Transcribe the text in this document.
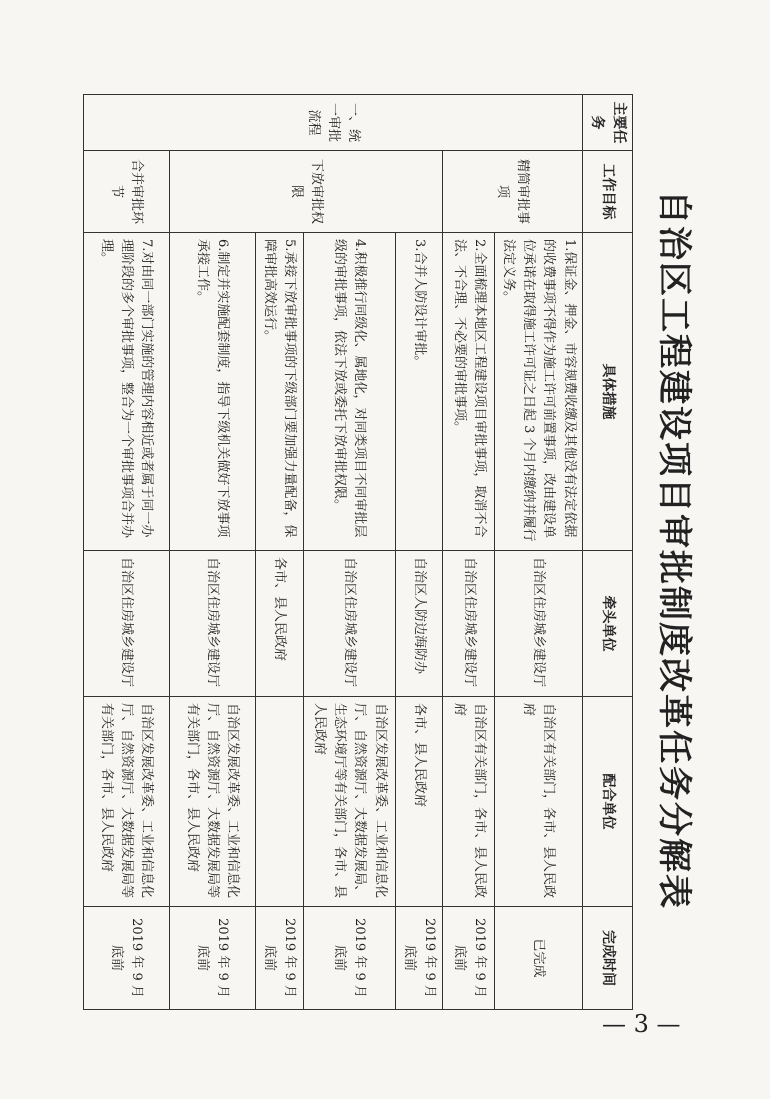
自治区工程建设项目审批制度改革任务分解表
主要任务	工作目标	具体措施	牵头单位	配合单位	完成时间
一、统一审批流程	精简审批事项	1.保证金、押金、市容规费收缴及其他没有法定依据的收费事项不得作为施工许可前置事项，改由建设单位承诺在取得施工许可证之日起 3 个月内缴纳并履行法定义务。	自治区住房城乡建设厅	自治区有关部门，各市、县人民政府	已完成
		2.全面梳理本地区工程建设项目审批事项，取消不合法、不合理、不必要的审批事项。	自治区住房城乡建设厅	自治区有关部门，各市、县人民政府	2019 年 9 月底前
	下放审批权限	3.合并人防设计审批。	自治区人防边海防办	各市、县人民政府	2019 年 9 月底前
		4.积极推行同级化、属地化，对同类项目不同审批层级的审批事项，依法下放或委托下放审批权限。	自治区住房城乡建设厅	自治区发展改革委、工业和信息化厅、自然资源厅、大数据发展局、生态环境厅等有关部门，各市、县人民政府	2019 年 9 月底前
		5.承接下放审批事项的下级部门要加强力量配备，保障审批高效运行。	各市、县人民政府		2019 年 9 月底前
		6.制定并实施配套制度，指导下级机关做好下放事项承接工作。	自治区住房城乡建设厅	自治区发展改革委、工业和信息化厅、自然资源厅、大数据发展局等有关部门，各市、县人民政府	2019 年 9 月底前
	合并审批环节	7.对由同一部门实施的管理内容相近或者属于同一办理阶段的多个审批事项，整合为一个审批事项合并办理。	自治区住房城乡建设厅	自治区发展改革委、工业和信息化厅、自然资源厅、大数据发展局等有关部门，各市、县人民政府	2019 年 9 月底前
— 3 —
